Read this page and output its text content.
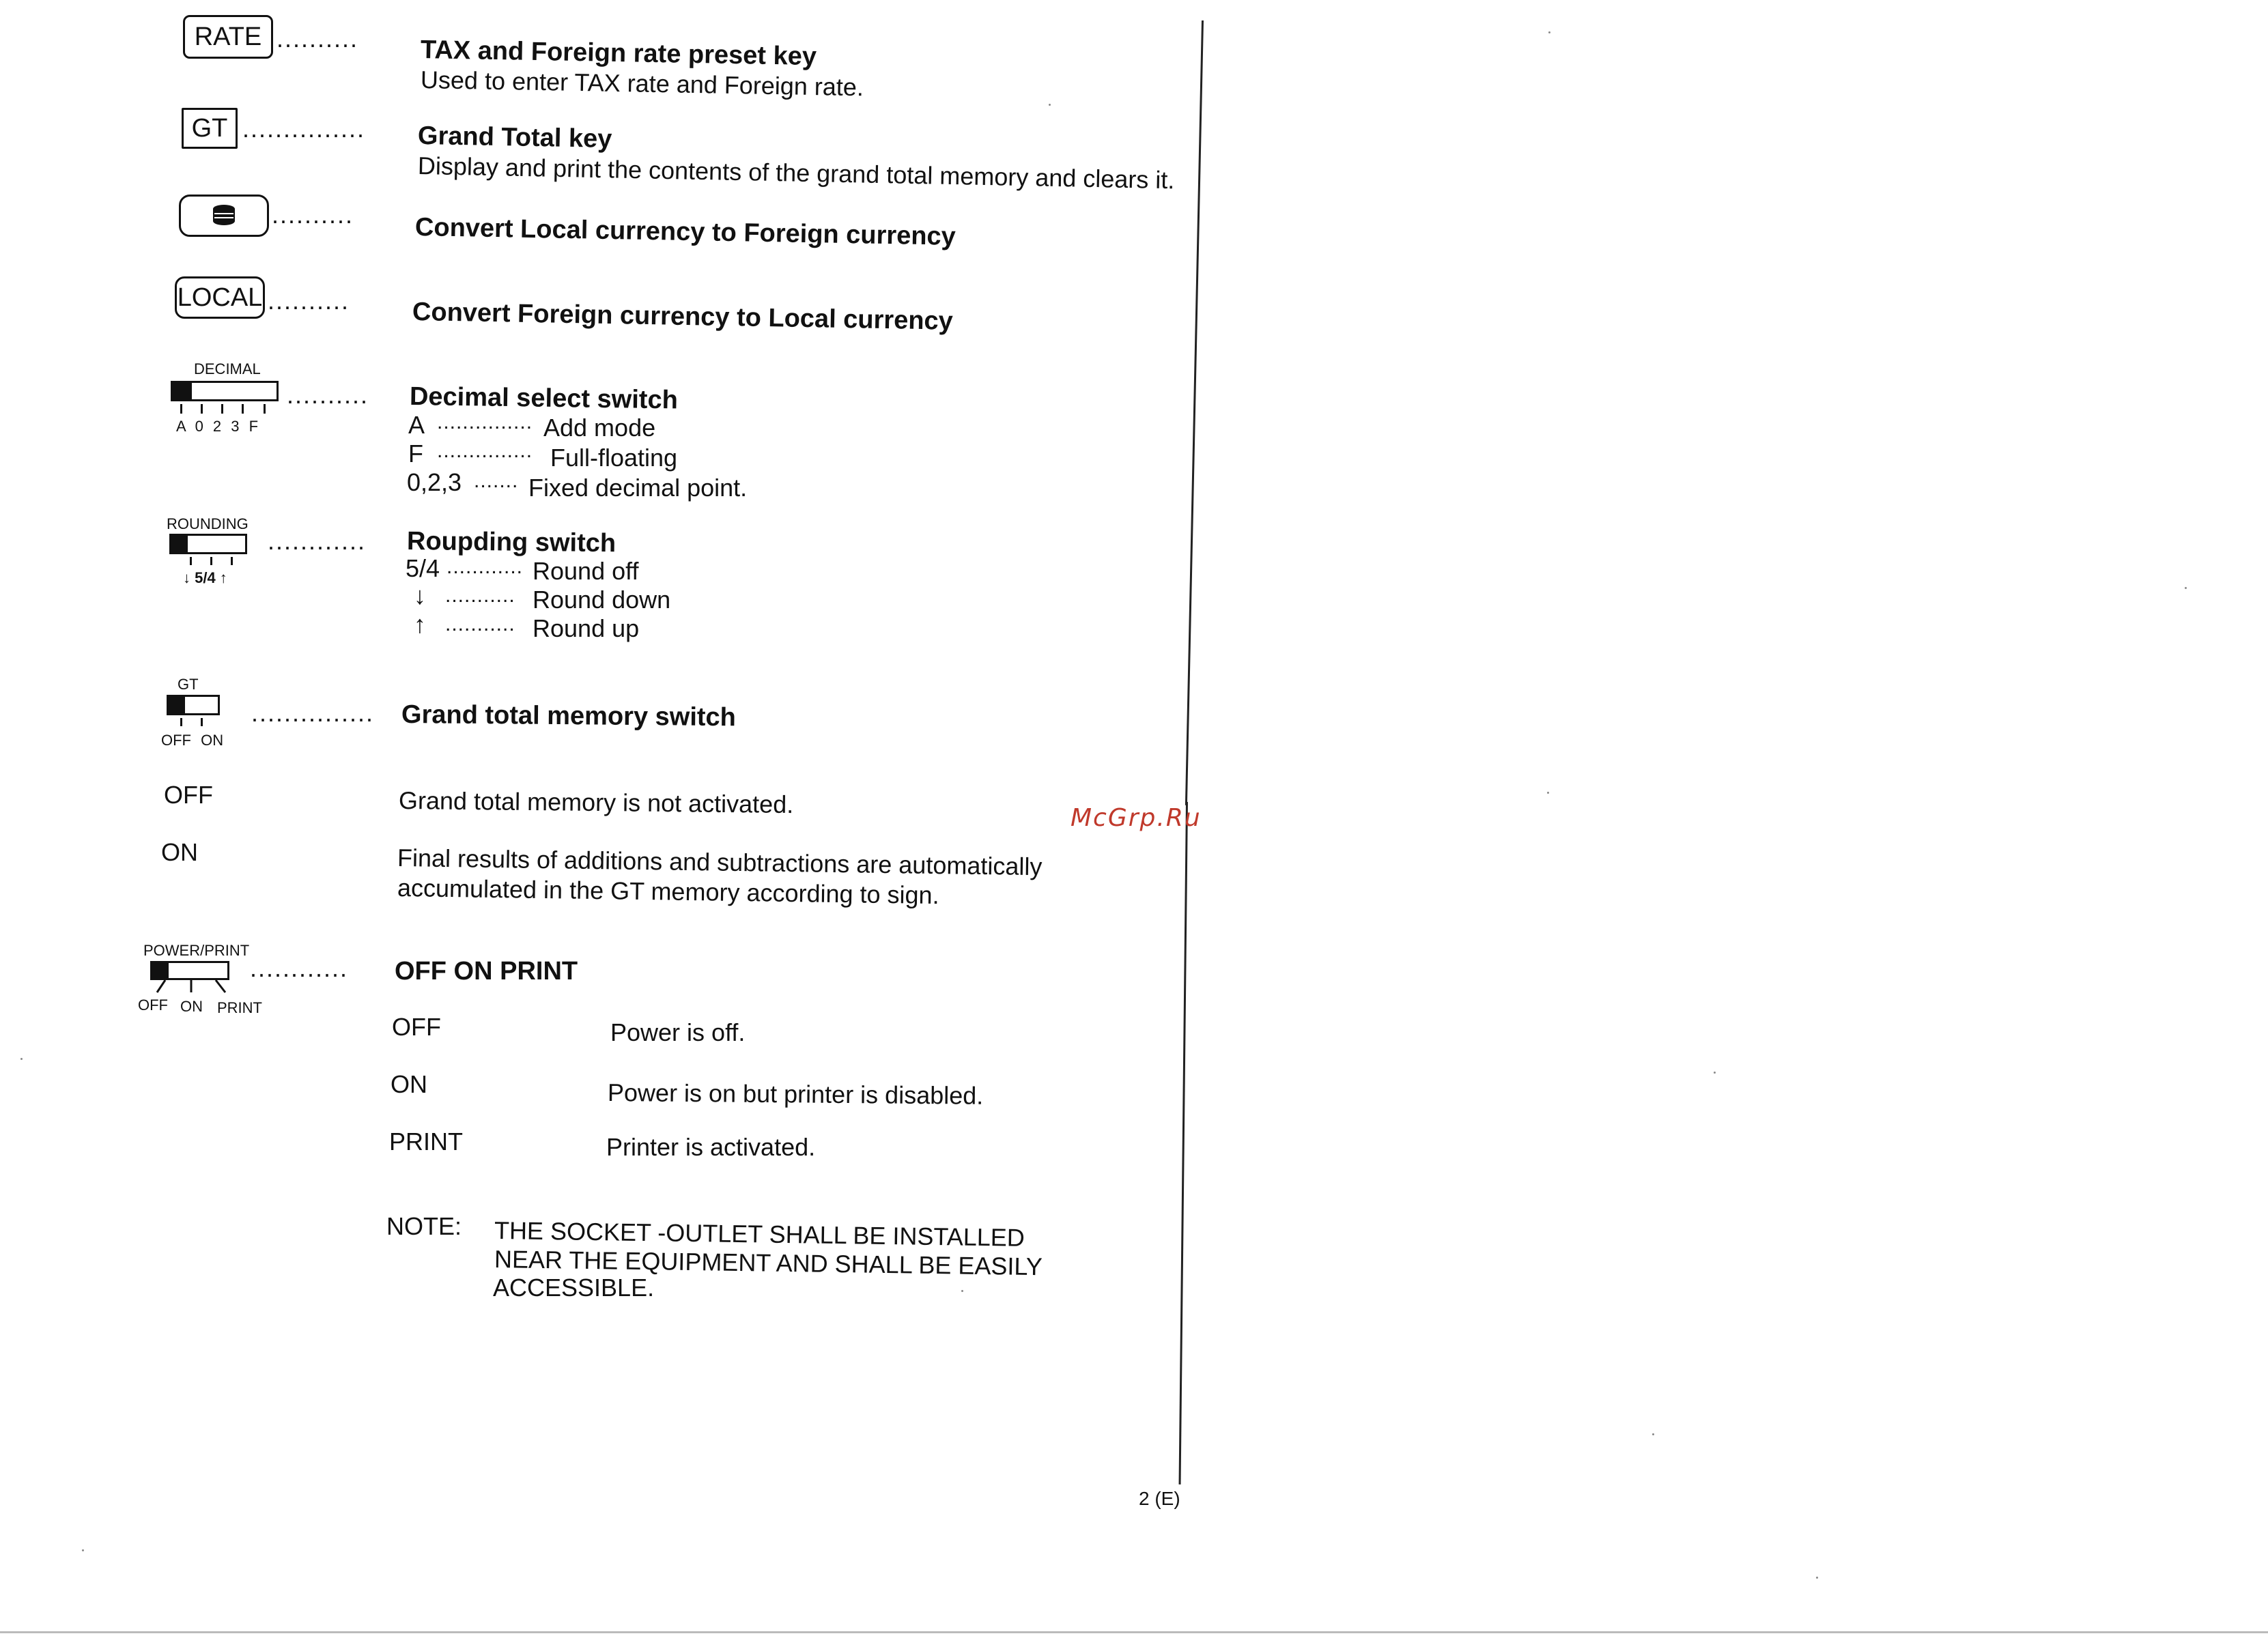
RATE .......... TAX and Foreign rate preset key
Used to enter TAX rate and Foreign rate.
GT ............... Grand Total key
Display and print the contents of the grand total memory and clears it.
.......... Convert Local currency to Foreign currency
LOCAL .......... Convert Foreign currency to Local currency
DECIMAL
A 0 2 3 F
.......... Decimal select switch
A ............... Add mode
F ............... Full-floating
0,2,3 ....... Fixed decimal point.
ROUNDING
↓ 5/4 ↑
............ Roupding switch
5/4 ............ Round off
↓ ........... Round down
↑ ........... Round up
GT
OFF ON
............... Grand total memory switch
OFF	Grand total memory is not activated.
ON	Final results of additions and subtractions are automatically
accumulated in the GT memory according to sign.
McGrp.Ru
POWER/PRINT
OFF ON PRINT
............ OFF ON PRINT
OFF	Power is off.
ON	Power is on but printer is disabled.
PRINT	Printer is activated.
NOTE: THE SOCKET -OUTLET SHALL BE INSTALLED
NEAR THE EQUIPMENT AND SHALL BE EASILY
ACCESSIBLE.
2 (E)
